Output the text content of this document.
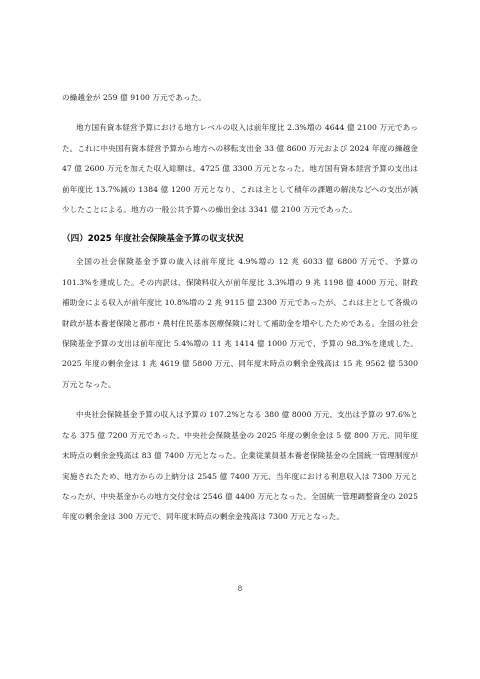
の繰越金が 259 億 9100 万元であった。

地方国有資本経営予算における地方レベルの収入は前年度比 2.3%増の 4644 億 2100 万元であった。これに中央国有資本経営予算から地方への移転支出金 33 億 8600 万元および 2024 年度の繰越金 47 億 2600 万元を加えた収入総額は、4725 億 3300 万元となった。地方国有資本経営予算の支出は前年度比 13.7%減の 1384 億 1200 万元となり、これは主として積年の課題の解決などへの支出が減少したことによる。地方の一般公共予算への繰出金は 3341 億 2100 万元であった。

（四）2025 年度社会保険基金予算の収支状況

全国の社会保険基金予算の歳入は前年度比 4.9%増の 12 兆 6033 億 6800 万元で、予算の 101.3%を達成した。その内訳は、保険料収入が前年度比 3.3%増の 9 兆 1198 億 4000 万元、財政補助金による収入が前年度比 10.8%増の 2 兆 9115 億 2300 万元であったが、これは主として各級の財政が基本養老保険と都市・農村住民基本医療保険に対して補助金を増やしたためである。全国の社会保険基金予算の支出は前年度比 5.4%増の 11 兆 1414 億 1000 万元で、予算の 98.3%を達成した。2025 年度の剰余金は 1 兆 4619 億 5800 万元、同年度末時点の剰余金残高は 15 兆 9562 億 5300 万元となった。

中央社会保険基金予算の収入は予算の 107.2%となる 380 億 8000 万元、支出は予算の 97.6%となる 375 億 7200 万元であった。中央社会保険基金の 2025 年度の剰余金は 5 億 800 万元、同年度末時点の剰余金残高は 83 億 7400 万元となった。企業従業員基本養老保険基金の全国統一管理制度が実施されたため、地方からの上納分は 2545 億 7400 万元、当年度における利息収入は 7300 万元となったが、中央基金からの地方交付金は 2546 億 4400 万元となった。全国統一管理調整資金の 2025 年度の剰余金は 300 万元で、同年度末時点の剰余金残高は 7300 万元となった。

8
